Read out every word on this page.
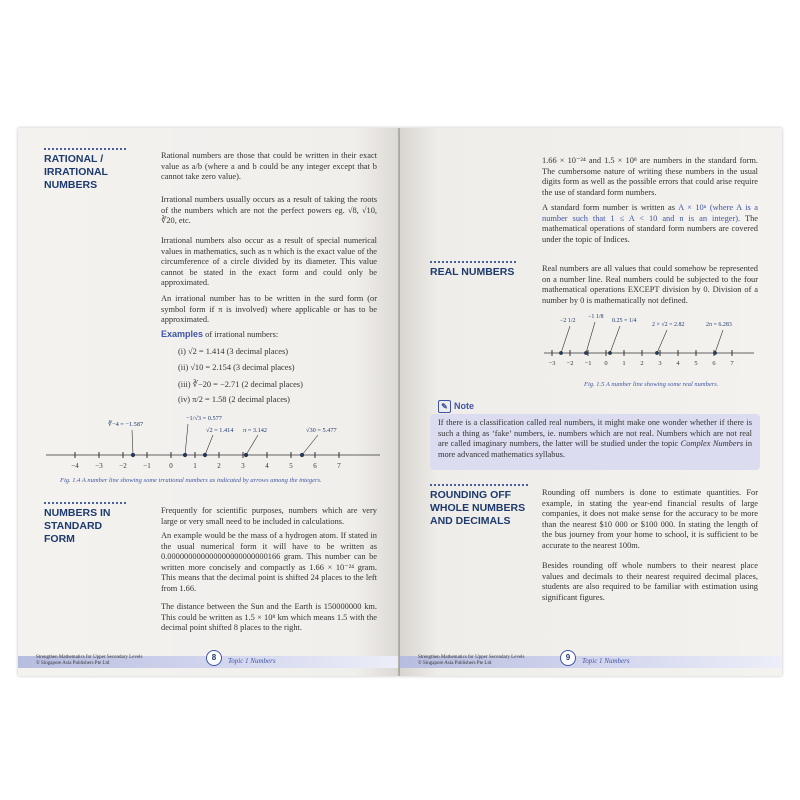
RATIONAL / IRRATIONAL NUMBERS

Rational numbers are those that could be written in their exact value as a/b (where a and b could be any integer except that b cannot take zero value).

Irrational numbers usually occurs as a result of taking the roots of the numbers which are not the perfect powers eg. √8, √10, ∛20, etc.

Irrational numbers also occur as a result of special numerical values in mathematics, such as π which is the exact value of the circumference of a circle divided by its diameter. This value cannot be stated in the exact form and could only be approximated.

An irrational number has to be written in the surd form (or symbol form if π is involved) where applicable or has to be approximated.

Examples of irrational numbers:
(i) √2 = 1.414 (3 decimal places)
(ii) √10 = 2.154 (3 decimal places)
(iii) ∛−20 = −2.71 (2 decimal places)
(iv) π/2 = 1.58 (2 decimal places)
−4 −3 −2 −1	0	1	2	3	4	5	6	7
∛−4 = −1.587
−1/√3 = 0.577
√2 = 1.414 π = 3.142	√30 = 5.477
Fig. 1.4 A number line showing some irrational numbers as indicated by arrows among the integers.
NUMBERS IN STANDARD FORM

Frequently for scientific purposes, numbers which are very large or very small need to be included in calculations.

An example would be the mass of a hydrogen atom. If stated in the usual numerical form it will have to be written as 0.000000000000000000000000166 gram. This number can be written more concisely and compactly as 1.66 × 10⁻²⁴ gram. This means that the decimal point is shifted 24 places to the left from 1.66.

The distance between the Sun and the Earth is 150000000 km. This could be written as 1.5 × 10⁸ km which means 1.5 with the decimal point shifted 8 places to the right.

Strengthen Mathematics for Upper Secondary Levels
© Singapore Asia Publishers Pte Ltd
8	Topic 1 Numbers

1.66 × 10⁻²⁴ and 1.5 × 10⁸ are numbers in the standard form. The cumbersome nature of writing these numbers in the usual digits form as well as the possible errors that could arise require the use of standard form numbers.

A standard form number is written as A × 10ⁿ (where A is a number such that 1 ≤ A < 10 and n is an integer). The mathematical operations of standard form numbers are covered under the topic of Indices.

REAL NUMBERS	Real numbers are all values that could somehow be represented on a number line. Real numbers could be subjected to the four mathematical operations EXCEPT division by 0. Division of a number by 0 is mathematically not defined.

−3 −2 −1 0 1 2 3 4 5 6 7
−2 1/2
−1 1/8
0.25 = 1/4
2 × √2 = 2.82	2π = 6.283
Fig. 1.5 A number line showing some real numbers.
✎ Note

If there is a classification called real numbers, it might make one wonder whether if there is such a thing as ‘fake’ numbers, ie. numbers which are not real. Numbers which are not real are called imaginary numbers, the latter will be studied under the topic Complex Numbers in more advanced mathematics syllabus.

ROUNDING OFF WHOLE NUMBERS AND DECIMALS

Rounding off numbers is done to estimate quantities. For example, in stating the year-end financial results of large companies, it does not make sense for the accuracy to be more than the nearest $10 000 or $100 000. In stating the length of the bus journey from your home to school, it is sufficient to be accurate to the nearest 100m.

Besides rounding off whole numbers to their nearest place values and decimals to their nearest required decimal places, students are also required to be familiar with estimation using significant figures.

Strengthen Mathematics for Upper Secondary Levels
© Singapore Asia Publishers Pte Ltd
9	Topic 1 Numbers
